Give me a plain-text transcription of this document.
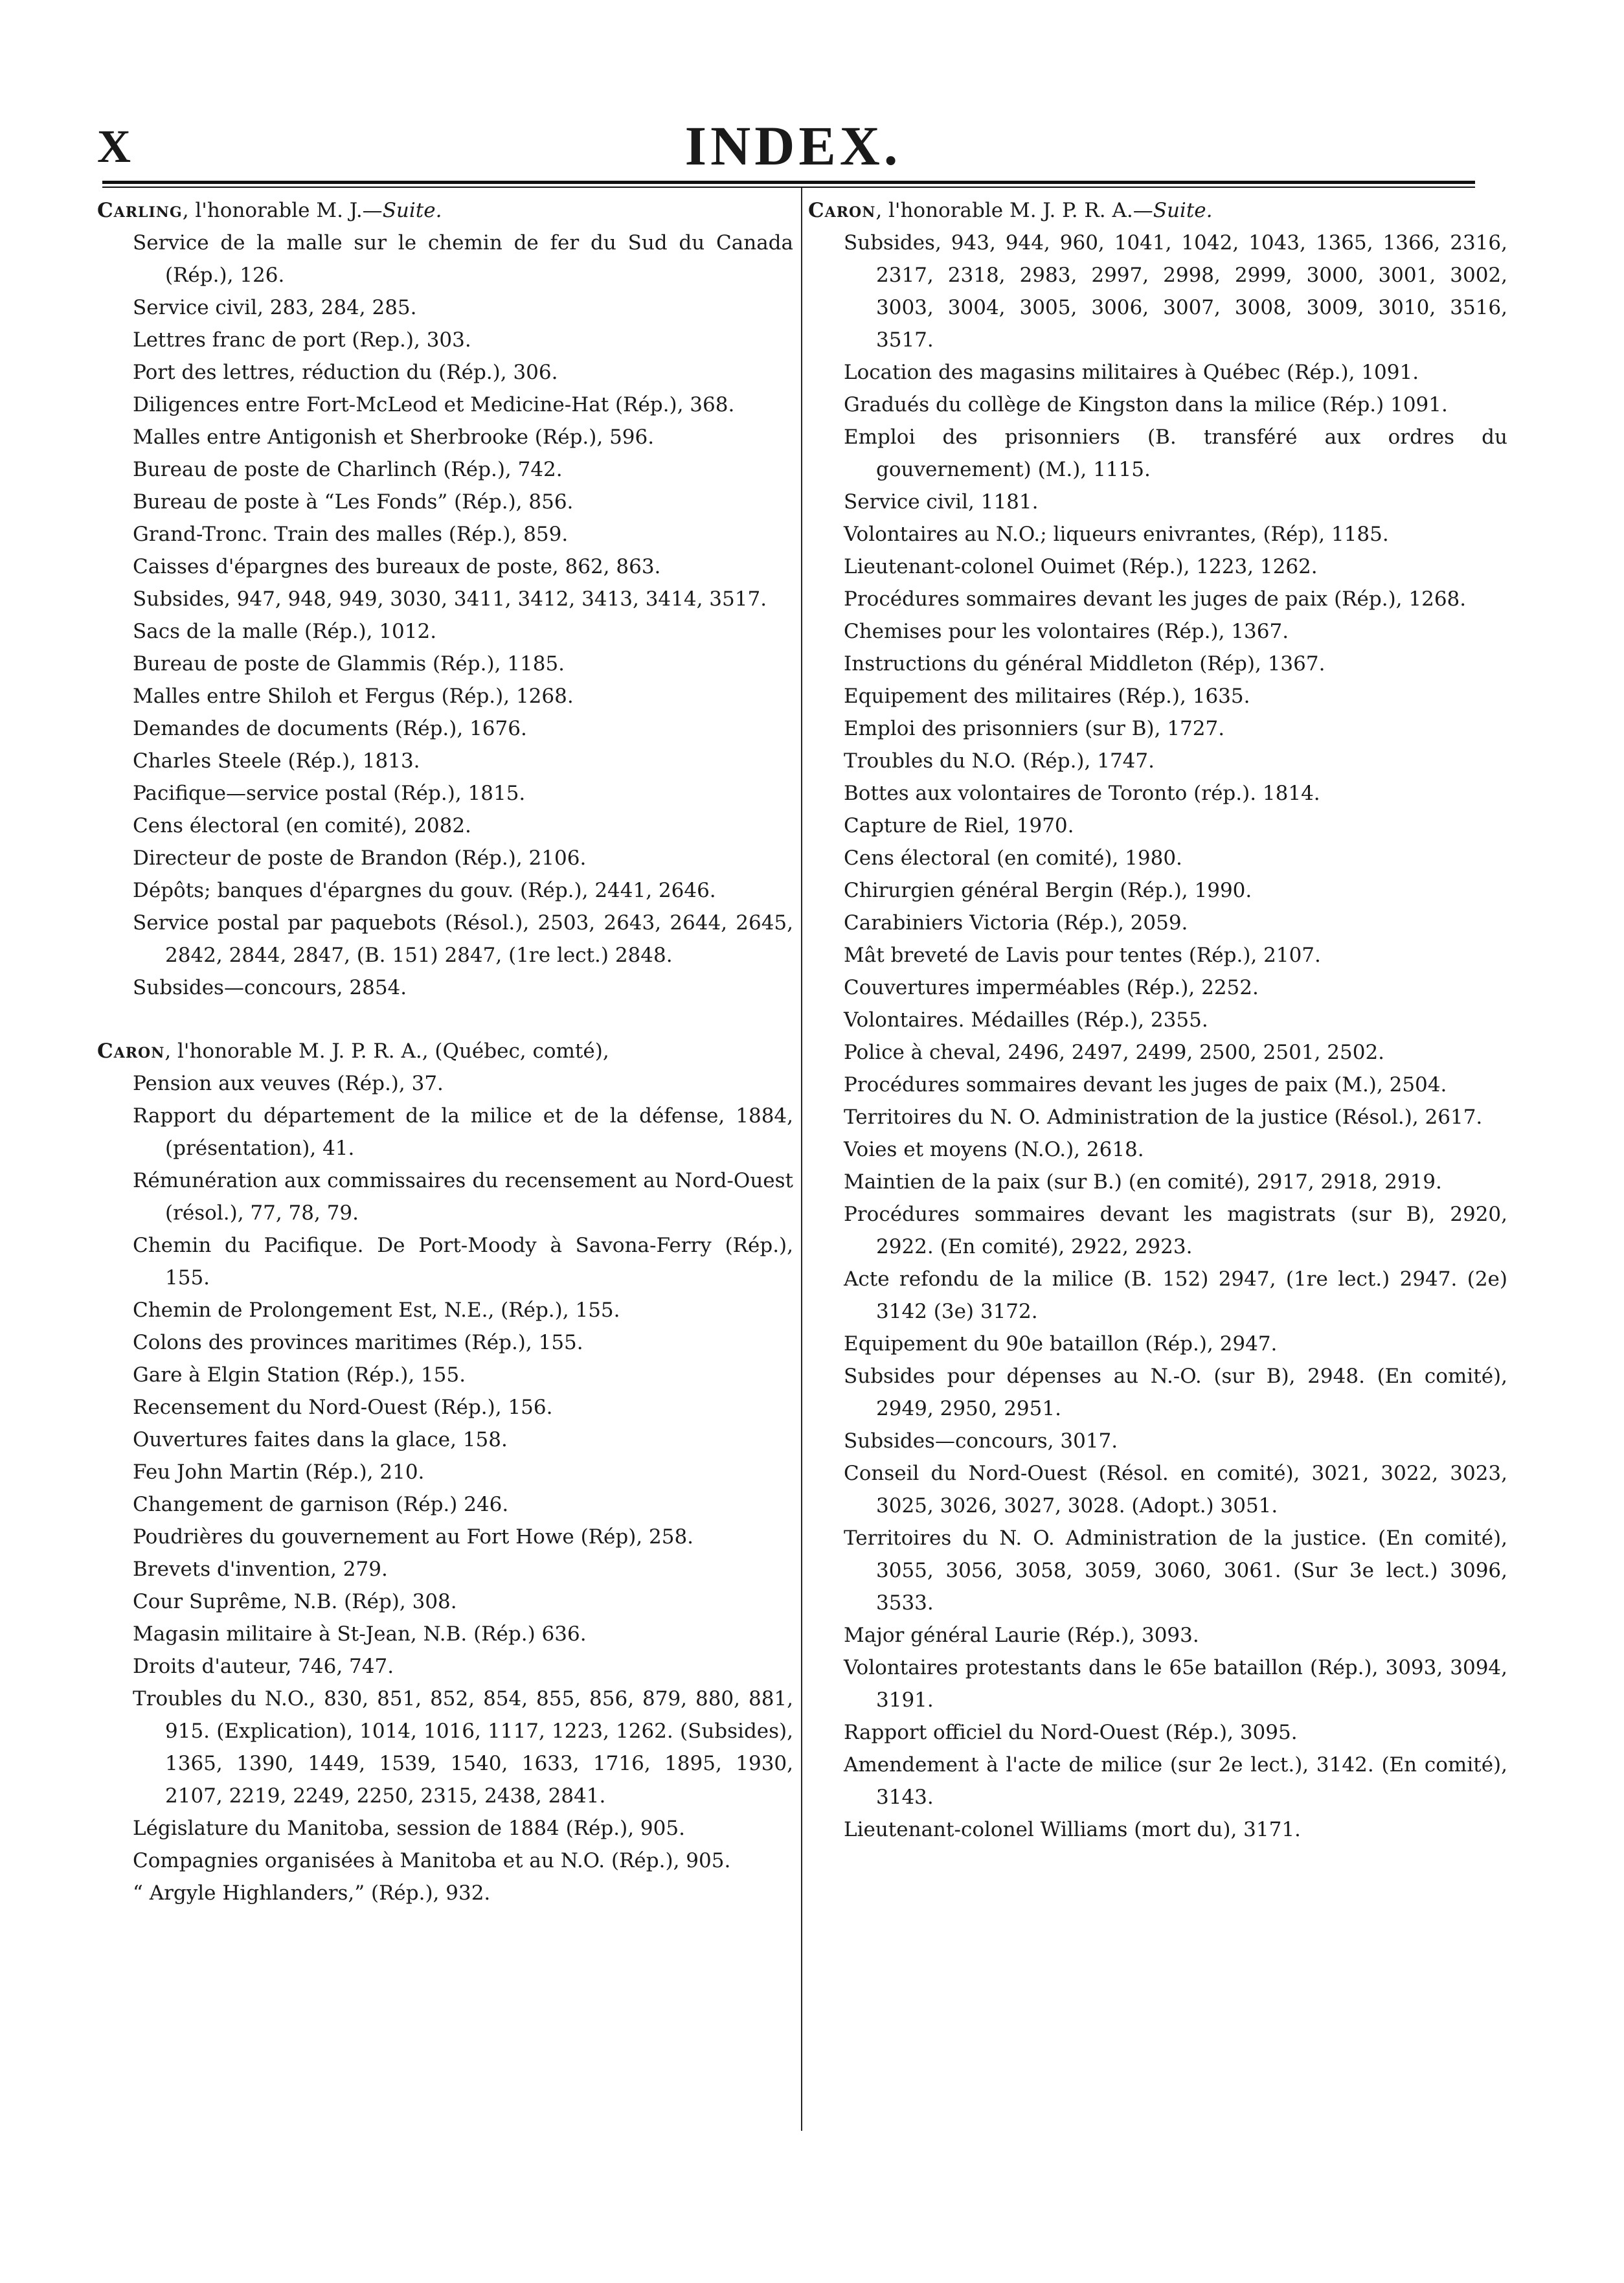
X	INDEX.
Carling, l'honorable M. J.—Suite.
Service de la malle sur le chemin de fer du Sud du Canada (Rép.), 126.
Service civil, 283, 284, 285.
Lettres franc de port (Rep.), 303.
Port des lettres, réduction du (Rép.), 306.
Diligences entre Fort-McLeod et Medicine-Hat (Rép.), 368.
Malles entre Antigonish et Sherbrooke (Rép.), 596.
Bureau de poste de Charlinch (Rép.), 742.
Bureau de poste à “Les Fonds” (Rép.), 856.
Grand-Tronc. Train des malles (Rép.), 859.
Caisses d'épargnes des bureaux de poste, 862, 863.
Subsides, 947, 948, 949, 3030, 3411, 3412, 3413, 3414, 3517.
Sacs de la malle (Rép.), 1012.
Bureau de poste de Glammis (Rép.), 1185.
Malles entre Shiloh et Fergus (Rép.), 1268.
Demandes de documents (Rép.), 1676.
Charles Steele (Rép.), 1813.
Pacifique—service postal (Rép.), 1815.
Cens électoral (en comité), 2082.
Directeur de poste de Brandon (Rép.), 2106.
Dépôts; banques d'épargnes du gouv. (Rép.), 2441, 2646.
Service postal par paquebots (Résol.), 2503, 2643, 2644, 2645, 2842, 2844, 2847, (B. 151) 2847, (1re lect.) 2848.
Subsides—concours, 2854.
Caron, l'honorable M. J. P. R. A., (Québec, comté),
Pension aux veuves (Rép.), 37.
Rapport du département de la milice et de la défense, 1884, (présentation), 41.
Rémunération aux commissaires du recensement au Nord-Ouest (résol.), 77, 78, 79.
Chemin du Pacifique. De Port-Moody à Savona-Ferry (Rép.), 155.
Chemin de Prolongement Est, N.E., (Rép.), 155.
Colons des provinces maritimes (Rép.), 155.
Gare à Elgin Station (Rép.), 155.
Recensement du Nord-Ouest (Rép.), 156.
Ouvertures faites dans la glace, 158.
Feu John Martin (Rép.), 210.
Changement de garnison (Rép.) 246.
Poudrières du gouvernement au Fort Howe (Rép), 258.
Brevets d'invention, 279.
Cour Suprême, N.B. (Rép), 308.
Magasin militaire à St-Jean, N.B. (Rép.) 636.
Droits d'auteur, 746, 747.
Troubles du N.O., 830, 851, 852, 854, 855, 856, 879, 880, 881, 915. (Explication), 1014, 1016, 1117, 1223, 1262. (Subsides), 1365, 1390, 1449, 1539, 1540, 1633, 1716, 1895, 1930, 2107, 2219, 2249, 2250, 2315, 2438, 2841.
Législature du Manitoba, session de 1884 (Rép.), 905.
Compagnies organisées à Manitoba et au N.O. (Rép.), 905.
“ Argyle Highlanders,” (Rép.), 932.
Caron, l'honorable M. J. P. R. A.—Suite.
Subsides, 943, 944, 960, 1041, 1042, 1043, 1365, 1366, 2316, 2317, 2318, 2983, 2997, 2998, 2999, 3000, 3001, 3002, 3003, 3004, 3005, 3006, 3007, 3008, 3009, 3010, 3516, 3517.
Location des magasins militaires à Québec (Rép.), 1091.
Gradués du collège de Kingston dans la milice (Rép.) 1091.
Emploi des prisonniers (B. transféré aux ordres du gouvernement) (M.), 1115.
Service civil, 1181.
Volontaires au N.O.; liqueurs enivrantes, (Rép), 1185.
Lieutenant-colonel Ouimet (Rép.), 1223, 1262.
Procédures sommaires devant les juges de paix (Rép.), 1268.
Chemises pour les volontaires (Rép.), 1367.
Instructions du général Middleton (Rép), 1367.
Equipement des militaires (Rép.), 1635.
Emploi des prisonniers (sur B), 1727.
Troubles du N.O. (Rép.), 1747.
Bottes aux volontaires de Toronto (rép.). 1814.
Capture de Riel, 1970.
Cens électoral (en comité), 1980.
Chirurgien général Bergin (Rép.), 1990.
Carabiniers Victoria (Rép.), 2059.
Mât breveté de Lavis pour tentes (Rép.), 2107.
Couvertures imperméables (Rép.), 2252.
Volontaires. Médailles (Rép.), 2355.
Police à cheval, 2496, 2497, 2499, 2500, 2501, 2502.
Procédures sommaires devant les juges de paix (M.), 2504.
Territoires du N. O. Administration de la justice (Résol.), 2617.
Voies et moyens (N.O.), 2618.
Maintien de la paix (sur B.) (en comité), 2917, 2918, 2919.
Procédures sommaires devant les magistrats (sur B), 2920, 2922. (En comité), 2922, 2923.
Acte refondu de la milice (B. 152) 2947, (1re lect.) 2947. (2e) 3142 (3e) 3172.
Equipement du 90e bataillon (Rép.), 2947.
Subsides pour dépenses au N.-O. (sur B), 2948. (En comité), 2949, 2950, 2951.
Subsides—concours, 3017.
Conseil du Nord-Ouest (Résol. en comité), 3021, 3022, 3023, 3025, 3026, 3027, 3028. (Adopt.) 3051.
Territoires du N. O. Administration de la justice. (En comité), 3055, 3056, 3058, 3059, 3060, 3061. (Sur 3e lect.) 3096, 3533.
Major général Laurie (Rép.), 3093.
Volontaires protestants dans le 65e bataillon (Rép.), 3093, 3094, 3191.
Rapport officiel du Nord-Ouest (Rép.), 3095.
Amendement à l'acte de milice (sur 2e lect.), 3142. (En comité), 3143.
Lieutenant-colonel Williams (mort du), 3171.
